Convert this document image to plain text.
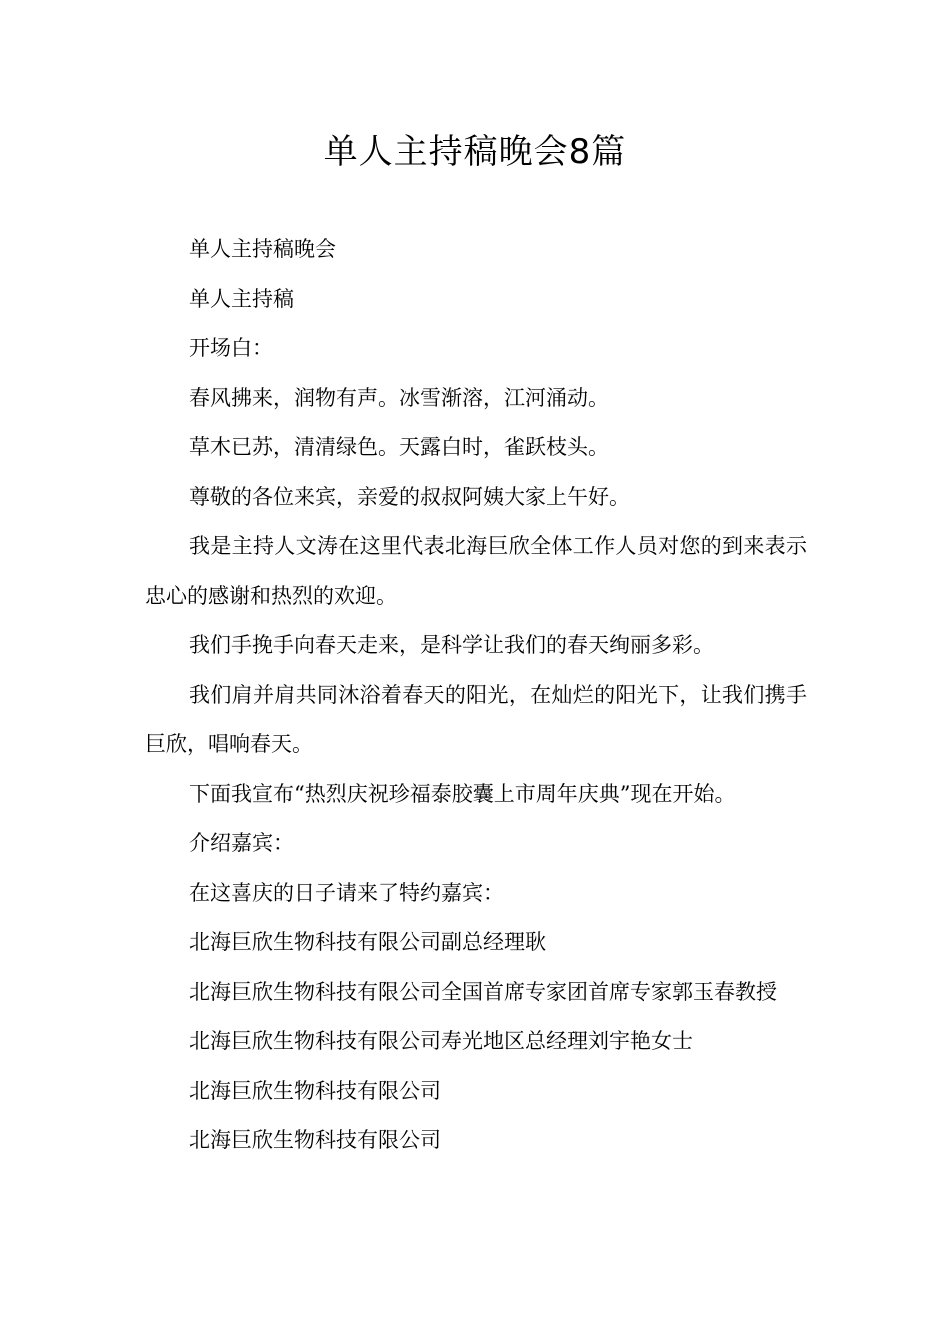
单人主持稿晚会8篇

单人主持稿晚会

单人主持稿

开场白：

春风拂来，润物有声。冰雪渐溶，江河涌动。

草木已苏，清清绿色。天露白时，雀跃枝头。

尊敬的各位来宾，亲爱的叔叔阿姨大家上午好。

我是主持人文涛在这里代表北海巨欣全体工作人员对您的到来表示忠心的感谢和热烈的欢迎。

我们手挽手向春天走来，是科学让我们的春天绚丽多彩。

我们肩并肩共同沐浴着春天的阳光，在灿烂的阳光下，让我们携手巨欣，唱响春天。

下面我宣布“热烈庆祝珍福泰胶囊上市周年庆典”现在开始。

介绍嘉宾：

在这喜庆的日子请来了特约嘉宾：

北海巨欣生物科技有限公司副总经理耿

北海巨欣生物科技有限公司全国首席专家团首席专家郭玉春教授

北海巨欣生物科技有限公司寿光地区总经理刘宇艳女士

北海巨欣生物科技有限公司

北海巨欣生物科技有限公司
